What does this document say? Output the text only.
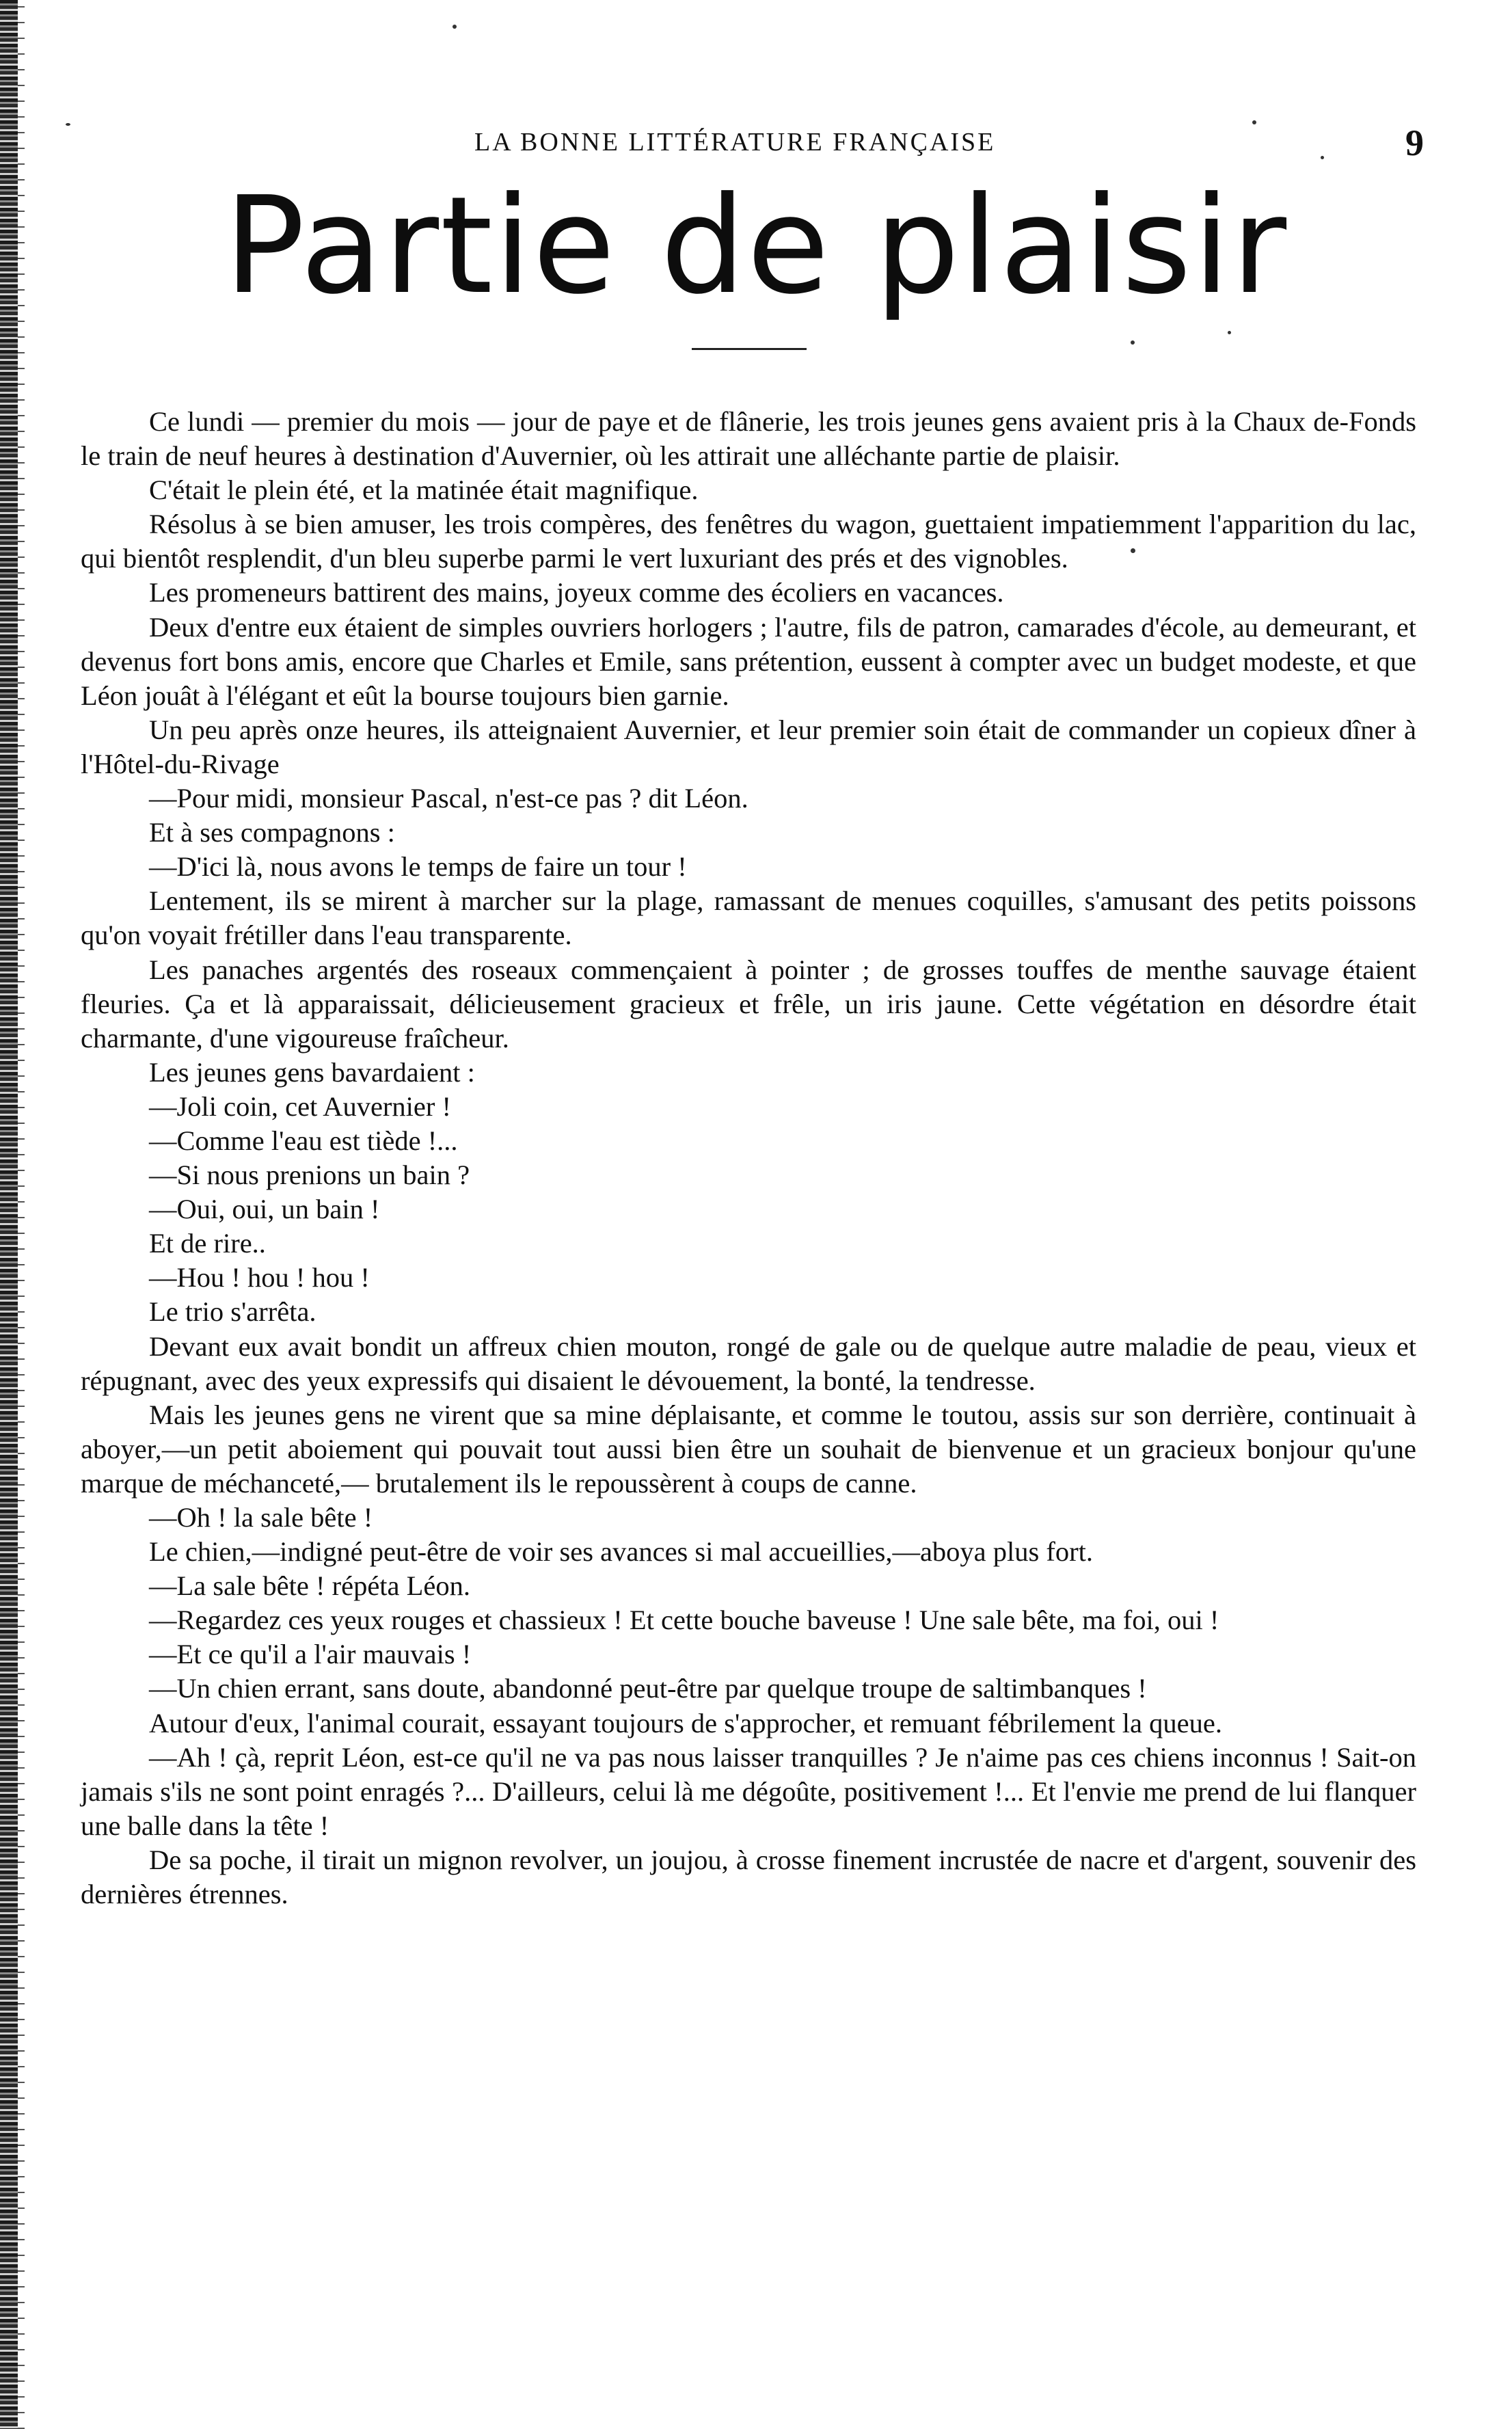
LA BONNE LITTÉRATURE FRANÇAISE	9
Partie de plaisir

Ce lundi — premier du mois — jour de paye et de flânerie, les trois jeunes gens avaient pris à la Chaux de-Fonds le train de neuf heures à destination d'Auvernier, où les attirait une alléchante partie de plaisir.

C'était le plein été, et la matinée était magnifique.

Résolus à se bien amuser, les trois compères, des fenêtres du wagon, guettaient impatiemment l'apparition du lac, qui bientôt resplendit, d'un bleu superbe parmi le vert luxuriant des prés et des vignobles.

Les promeneurs battirent des mains, joyeux comme des écoliers en vacances.

Deux d'entre eux étaient de simples ouvriers horlogers ; l'autre, fils de patron, camarades d'école, au demeurant, et devenus fort bons amis, encore que Charles et Emile, sans prétention, eussent à compter avec un budget modeste, et que Léon jouât à l'élégant et eût la bourse toujours bien garnie.

Un peu après onze heures, ils atteignaient Auvernier, et leur premier soin était de commander un copieux dîner à l'Hôtel-du-Rivage

—Pour midi, monsieur Pascal, n'est-ce pas ? dit Léon.

Et à ses compagnons :

—D'ici là, nous avons le temps de faire un tour !

Lentement, ils se mirent à marcher sur la plage, ramassant de menues coquilles, s'amusant des petits poissons qu'on voyait frétiller dans l'eau transparente.

Les panaches argentés des roseaux commençaient à pointer ; de grosses touffes de menthe sauvage étaient fleuries. Ça et là apparaissait, délicieusement gracieux et frêle, un iris jaune. Cette végétation en désordre était charmante, d'une vigoureuse fraîcheur.

Les jeunes gens bavardaient :

—Joli coin, cet Auvernier !

—Comme l'eau est tiède !...

—Si nous prenions un bain ?

—Oui, oui, un bain !

Et de rire..

—Hou ! hou ! hou !

Le trio s'arrêta.

Devant eux avait bondit un affreux chien mouton, rongé de gale ou de quelque autre maladie de peau, vieux et répugnant, avec des yeux expressifs qui disaient le dévouement, la bonté, la tendresse.

Mais les jeunes gens ne virent que sa mine déplaisante, et comme le toutou, assis sur son derrière, continuait à aboyer,—un petit aboiement qui pouvait tout aussi bien être un souhait de bienvenue et un gracieux bonjour qu'une marque de méchanceté,— brutalement ils le repoussèrent à coups de canne.

—Oh ! la sale bête !

Le chien,—indigné peut-être de voir ses avances si mal accueillies,—aboya plus fort.

—La sale bête ! répéta Léon.

—Regardez ces yeux rouges et chassieux ! Et cette bouche baveuse ! Une sale bête, ma foi, oui !

—Et ce qu'il a l'air mauvais !

—Un chien errant, sans doute, abandonné peut-être par quelque troupe de saltimbanques !

Autour d'eux, l'animal courait, essayant toujours de s'approcher, et remuant fébrilement la queue.

—Ah ! çà, reprit Léon, est-ce qu'il ne va pas nous laisser tranquilles ? Je n'aime pas ces chiens inconnus ! Sait-on jamais s'ils ne sont point enragés ?... D'ailleurs, celui là me dégoûte, positivement !... Et l'envie me prend de lui flanquer une balle dans la tête !

De sa poche, il tirait un mignon revolver, un joujou, à crosse finement incrustée de nacre et d'argent, souvenir des dernières étrennes.
